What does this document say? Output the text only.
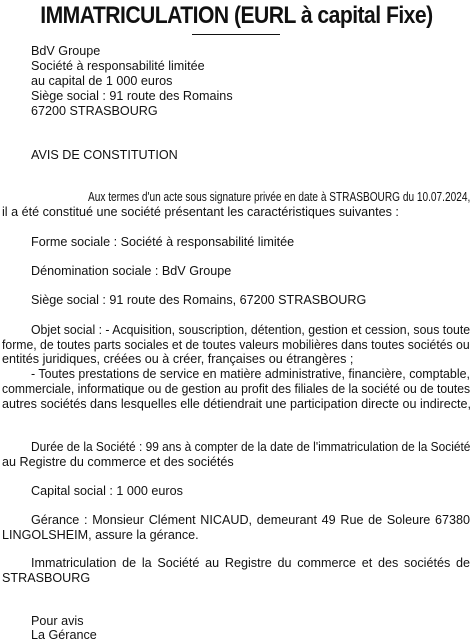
IMMATRICULATION (EURL à capital Fixe)
BdV Groupe
Société à responsabilité limitée
au capital de 1 000 euros
Siège social : 91 route des Romains
67200 STRASBOURG
AVIS DE CONSTITUTION
Aux termes d'un acte sous signature privée en date à STRASBOURG du 10.07.2024,
il a été constitué une société présentant les caractéristiques suivantes :
Forme sociale : Société à responsabilité limitée
Dénomination sociale : BdV Groupe
Siège social : 91 route des Romains, 67200 STRASBOURG
Objet social : - Acquisition, souscription, détention, gestion et cession, sous toute
forme, de toutes parts sociales et de toutes valeurs mobilières dans toutes sociétés ou
entités juridiques, créées ou à créer, françaises ou étrangères ;
- Toutes prestations de service en matière administrative, financière, comptable,
commerciale, informatique ou de gestion au profit des filiales de la société ou de toutes
autres sociétés dans lesquelles elle détiendrait une participation directe ou indirecte,
Durée de la Société : 99 ans à compter de la date de l'immatriculation de la Société
au Registre du commerce et des sociétés
Capital social : 1 000 euros
Gérance : Monsieur Clément NICAUD, demeurant 49 Rue de Soleure 67380
LINGOLSHEIM, assure la gérance.
Immatriculation de la Société au Registre du commerce et des sociétés de
STRASBOURG
Pour avis
La Gérance
